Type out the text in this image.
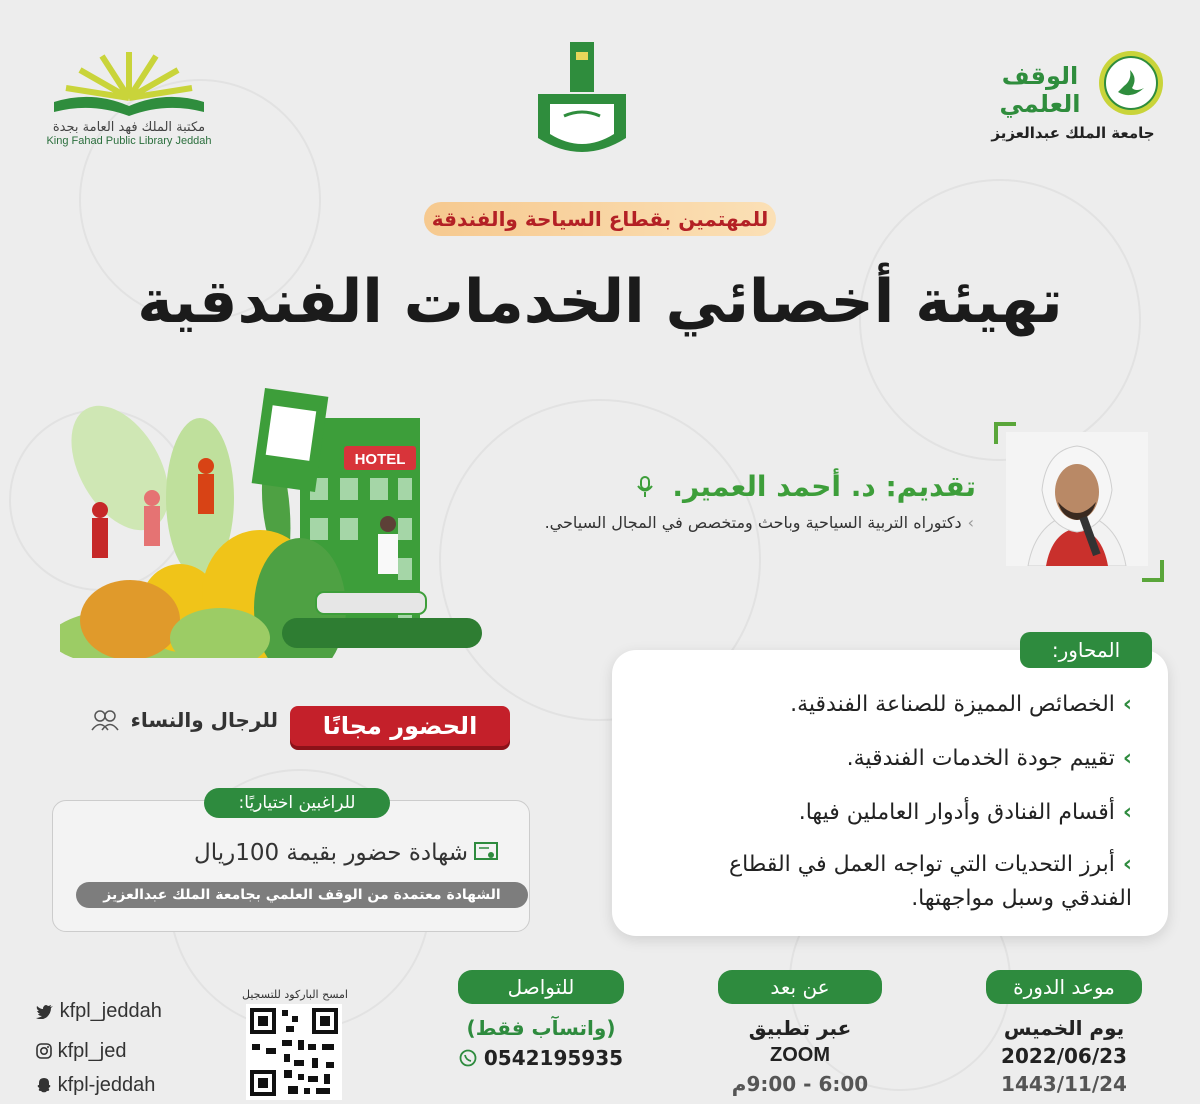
مكتبة الملك فهد العامة بجدة
King Fahad Public Library Jeddah
الوقف العلمي
جامعة الملك عبدالعزيز
للمهتمين بقطاع السياحة والفندقة
تهيئة أخصائي الخدمات الفندقية
HOTEL
تقديم: د. أحمد العمير.
›دكتوراه التربية السياحية وباحث ومتخصص في المجال السياحي.
المحاور:
›الخصائص المميزة للصناعة الفندقية.
›تقييم جودة الخدمات الفندقية.
›أقسام الفنادق وأدوار العاملين فيها.
›أبرز التحديات التي تواجه العمل في القطاع
الفندقي وسبل مواجهتها.
الحضور مجانًا
للرجال والنساء
للراغبين اختياريًا:
شهادة حضور بقيمة 100ريال
الشهادة معتمدة من الوقف العلمي بجامعة الملك عبدالعزيز
موعد الدورة
يوم الخميس
2022/06/23
1443/11/24
عن بعد
عبر تطبيق
ZOOM
6:00 - 9:00م
للتواصل
(واتسآب فقط)
0542195935
امسح الباركود للتسجيل
kfpl_jeddah
kfpl_jed
kfpl-jeddah
